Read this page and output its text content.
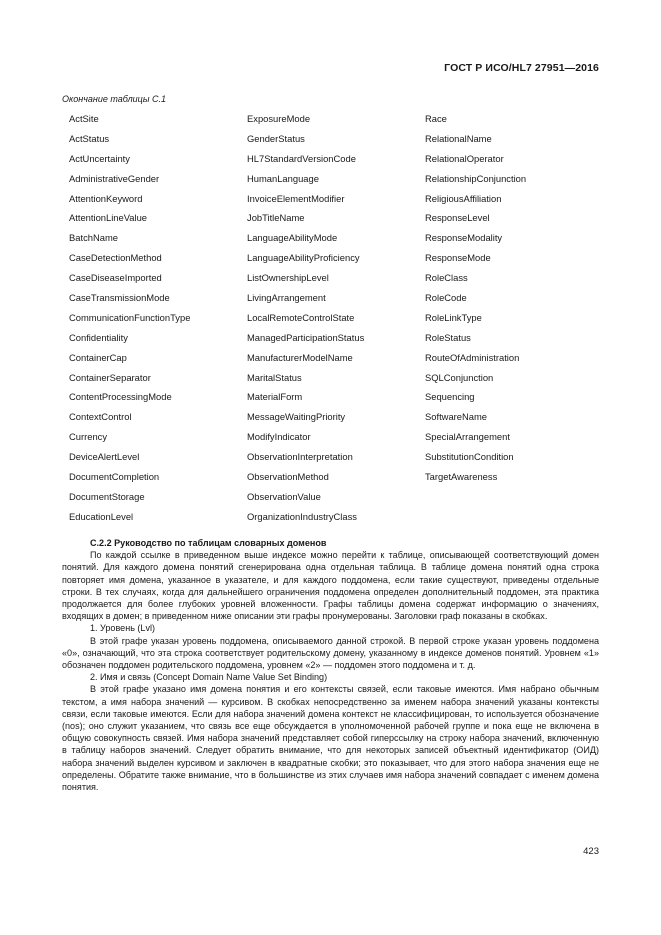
ГОСТ Р ИСО/HL7 27951—2016
Окончание таблицы С.1
ActSite
ActStatus
ActUncertainty
AdministrativeGender
AttentionKeyword
AttentionLineValue
BatchName
CaseDetectionMethod
CaseDiseaseImported
CaseTransmissionMode
CommunicationFunctionType
Confidentiality
ContainerCap
ContainerSeparator
ContentProcessingMode
ContextControl
Currency
DeviceAlertLevel
DocumentCompletion
DocumentStorage
EducationLevel
ExposureMode
GenderStatus
HL7StandardVersionCode
HumanLanguage
InvoiceElementModifier
JobTitleName
LanguageAbilityMode
LanguageAbilityProficiency
ListOwnershipLevel
LivingArrangement
LocalRemoteControlState
ManagedParticipationStatus
ManufacturerModelName
MaritalStatus
MaterialForm
MessageWaitingPriority
ModifyIndicator
ObservationInterpretation
ObservationMethod
ObservationValue
OrganizationIndustryClass
Race
RelationalName
RelationalOperator
RelationshipConjunction
ReligiousAffiliation
ResponseLevel
ResponseModality
ResponseMode
RoleClass
RoleCode
RoleLinkType
RoleStatus
RouteOfAdministration
SQLConjunction
Sequencing
SoftwareName
SpecialArrangement
SubstitutionCondition
TargetAwareness

С.2.2 Руководство по таблицам словарных доменов

По каждой ссылке в приведенном выше индексе можно перейти к таблице, описывающей соответствующий домен понятий. Для каждого домена понятий сгенерирована одна отдельная таблица. В таблице домена понятий одна строка повторяет имя домена, указанное в указателе, и для каждого поддомена, если такие существуют, приведены отдельные строки. В тех случаях, когда для дальнейшего ограничения поддомена определен дополнительный поддомен, эта практика продолжается для более глубоких уровней вложенности. Графы таблицы домена содержат информацию о значениях, входящих в домен; в приведенном ниже описании эти графы пронумерованы. Заголовки граф показаны в скобках.

1. Уровень (Lvl)

В этой графе указан уровень поддомена, описываемого данной строкой. В первой строке указан уровень поддомена «0», означающий, что эта строка соответствует родительскому домену, указанному в индексе доменов понятий. Уровнем «1» обозначен поддомен родительского поддомена, уровнем «2» — поддомен этого поддомена и т. д.

2. Имя и связь (Concept Domain Name Value Set Binding)

В этой графе указано имя домена понятия и его контексты связей, если таковые имеются. Имя набрано обычным текстом, а имя набора значений — курсивом. В скобках непосредственно за именем набора значений указаны контексты связи, если таковые имеются. Если для набора значений домена контекст не классифицирован, то используется обозначение (nos); оно служит указанием, что связь все еще обсуждается в уполномоченной рабочей группе и пока еще не включена в общую совокупность связей. Имя набора значений представляет собой гиперссылку на строку набора значений, включенную в таблицу наборов значений. Следует обратить внимание, что для некоторых записей объектный идентификатор (ОИД) набора значений выделен курсивом и заключен в квадратные скобки; это показывает, что для этого набора значения еще не определены. Обратите также внимание, что в большинстве из этих случаев имя набора значений совпадает с именем домена понятия.

423
